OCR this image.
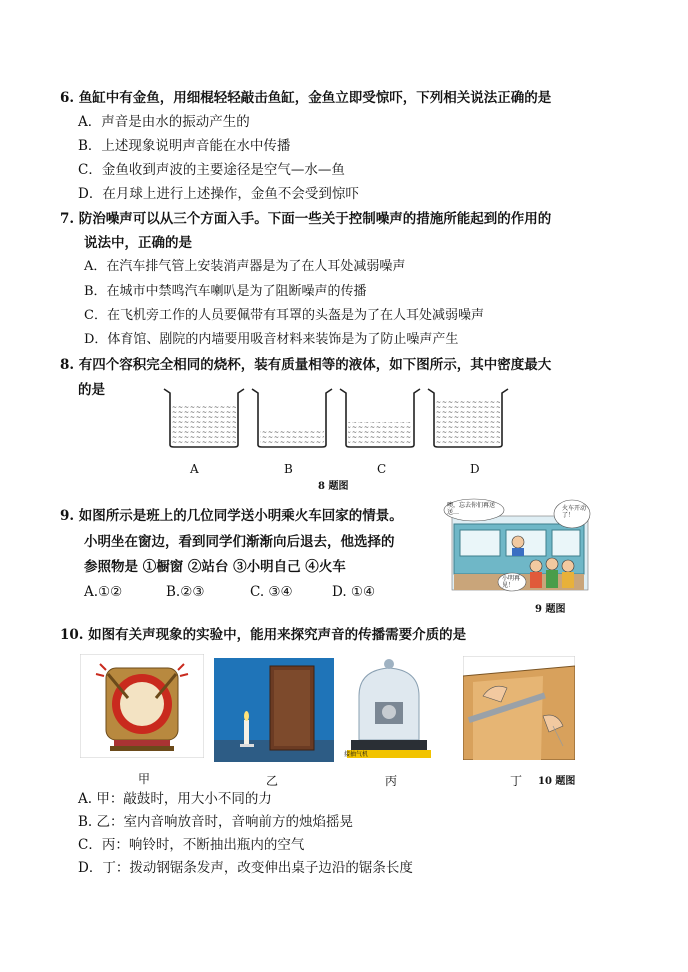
6. 鱼缸中有金鱼，用细棍轻轻敲击鱼缸，金鱼立即受惊吓，下列相关说法正确的是
A．声音是由水的振动产生的
B．上述现象说明声音能在水中传播
C．金鱼收到声波的主要途径是空气—水—鱼
D．在月球上进行上述操作，金鱼不会受到惊吓
7. 防治噪声可以从三个方面入手。下面一些关于控制噪声的措施所能起到的作用的
说法中，正确的是
A．在汽车排气管上安装消声器是为了在人耳处减弱噪声
B．在城市中禁鸣汽车喇叭是为了阻断噪声的传播
C．在飞机旁工作的人员要佩带有耳罩的头盔是为了在人耳处减弱噪声
D．体育馆、剧院的内墙要用吸音材料来装饰是为了防止噪声产生
8. 有四个容积完全相同的烧杯，装有质量相等的液体，如下图所示，其中密度最大
的是
A	B	C	D
8 题图
9. 如图所示是班上的几位同学送小明乘火车回家的情景。
小明坐在窗边，看到同学们渐渐向后退去，他选择的
参照物是 ①橱窗 ②站台 ③小明自己 ④火车
A.①②	B.②③	C. ③④	D. ①④
噢，忘去你们再送送…
火车开动了！
小明再见！
9 题图
10. 如图有关声现象的实验中，能用来探究声音的传播需要介质的是
接抽气机
甲	乙	丙	丁 10 题图
A. 甲：敲鼓时，用大小不同的力
B. 乙：室内音响放音时，音响前方的烛焰摇晃
C．丙：响铃时，不断抽出瓶内的空气
D．丁：拨动钢锯条发声，改变伸出桌子边沿的锯条长度
